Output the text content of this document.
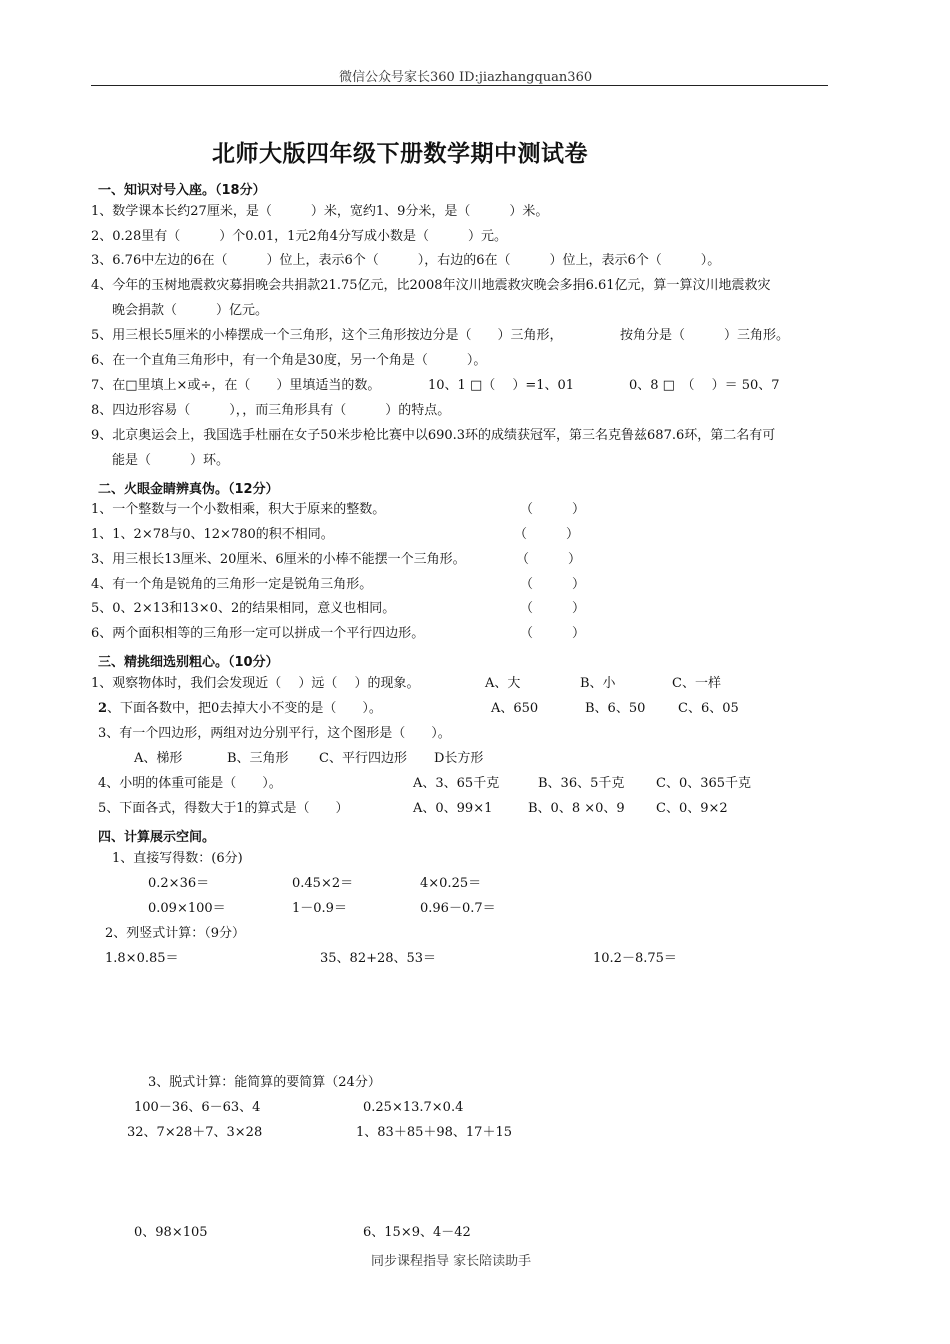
微信公众号家长360 ID:jiazhangquan360
北师大版四年级下册数学期中测试卷
一、知识对号入座。（18分）
1、数学课本长约27厘米，是（　　　）米，宽约1、9分米，是（　　　）米。
2、0.28里有（　　　）个0.01，1元2角4分写成小数是（　　　）元。
3、6.76中左边的6在（　　　）位上，表示6个（　　　），右边的6在（　　　）位上，表示6个（　　　）。
4、今年的玉树地震救灾募捐晚会共捐款21.75亿元，比2008年汶川地震救灾晚会多捐6.61亿元，算一算汶川地震救灾
晚会捐款（　　　）亿元。
5、用三根长5厘米的小棒摆成一个三角形，这个三角形按边分是（　　）三角形，	按角分是（　　　）三角形。
6、在一个直角三角形中，有一个角是30度，另一个角是（　　　）。
7、在□里填上×或÷，在（　　）里填适当的数。	10、1 □（　 ）=1、01	0、8 □　（　 ）＝ 50、7
8、四边形容易（　　　），，而三角形具有（　　　）的特点。
9、北京奥运会上，我国选手杜丽在女子50米步枪比赛中以690.3环的成绩获冠军，第三名克鲁兹687.6环，第二名有可
能是（　　　）环。
二、火眼金睛辨真伪。（12分）
1、一个整数与一个小数相乘，积大于原来的整数。	（　　　）
1、1、2×78与0、12×780的积不相同。	（　　　）
3、用三根长13厘米、20厘米、6厘米的小棒不能摆一个三角形。	（　　　）
4、有一个角是锐角的三角形一定是锐角三角形。	（　　　）
5、0、2×13和13×0、2的结果相同，意义也相同。	（　　　）
6、两个面积相等的三角形一定可以拼成一个平行四边形。	（　　　）
三、精挑细选别粗心。（10分）
1、观察物体时，我们会发现近（　 ）远（　 ）的现象。	A、大	B、小	C、一样
2、下面各数中，把0去掉大小不变的是（　　）。	A、650	B、6、50	C、6、05
3、有一个四边形，两组对边分别平行，这个图形是（　　）。
A、梯形	B、三角形 C、平行四边形 D长方形
4、小明的体重可能是（　　）。	A、3、65千克	B、36、5千克 C、0、365千克
5、下面各式，得数大于1的算式是（　　）	A、0、99×1	B、0、8 ×0、9 C、0、9×2
四、计算展示空间。
1、直接写得数：(6分)
0.2×36＝	0.45×2＝	4×0.25＝
0.09×100＝	1－0.9＝	0.96－0.7＝
2、列竖式计算：（9分）
1.8×0.85＝	35、82+28、53＝	10.2－8.75＝
3、脱式计算：能简算的要简算（24分）
100－36、6－63、4	0.25×13.7×0.4
32、7×28＋7、3×28	1、83＋85＋98、17＋15
0、98×105	6、15×9、4－42
同步课程指导 家长陪读助手
